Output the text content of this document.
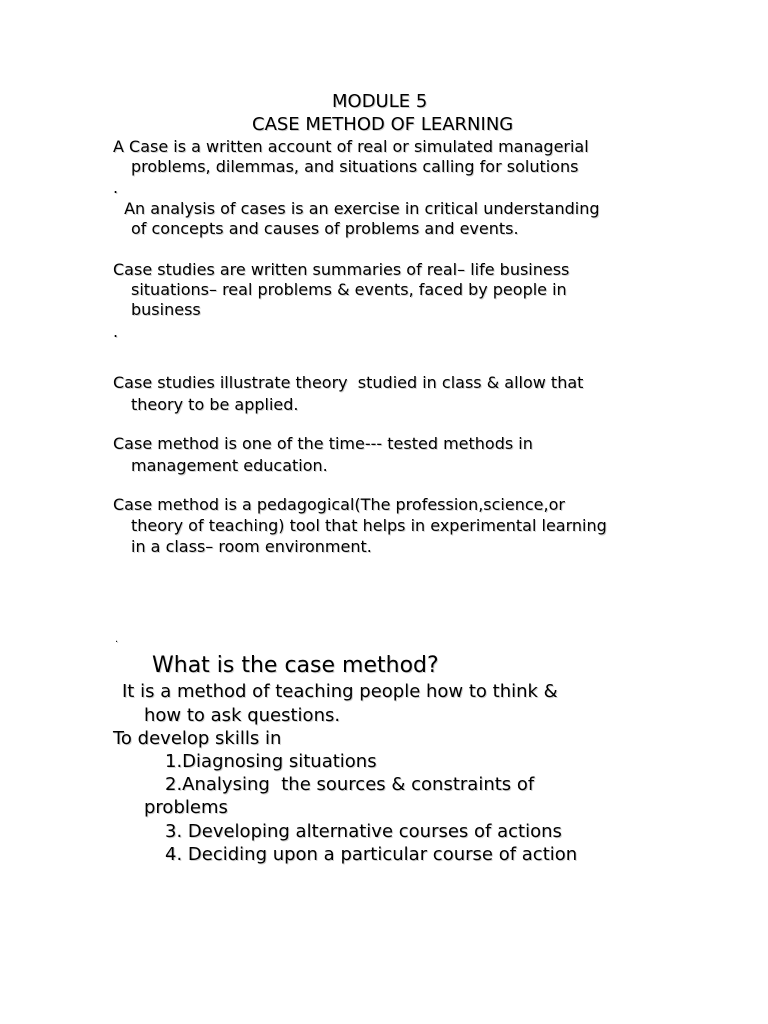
MODULE 5

CASE METHOD OF LEARNING

A Case is a written account of real or simulated managerial

problems, dilemmas, and situations calling for solutions

.

An analysis of cases is an exercise in critical understanding

of concepts and causes of problems and events.

Case studies are written summaries of real– life business

situations– real problems & events, faced by people in

business

.

Case studies illustrate theory  studied in class & allow that

theory to be applied.

Case method is one of the time--- tested methods in

management education.

Case method is a pedagogical(The profession,science,or

theory of teaching) tool that helps in experimental learning

in a class– room environment.

.

What is the case method?

It is a method of teaching people how to think &

how to ask questions.

To develop skills in

1.Diagnosing situations

2.Analysing  the sources & constraints of

problems

3. Developing alternative courses of actions

4. Deciding upon a particular course of action
